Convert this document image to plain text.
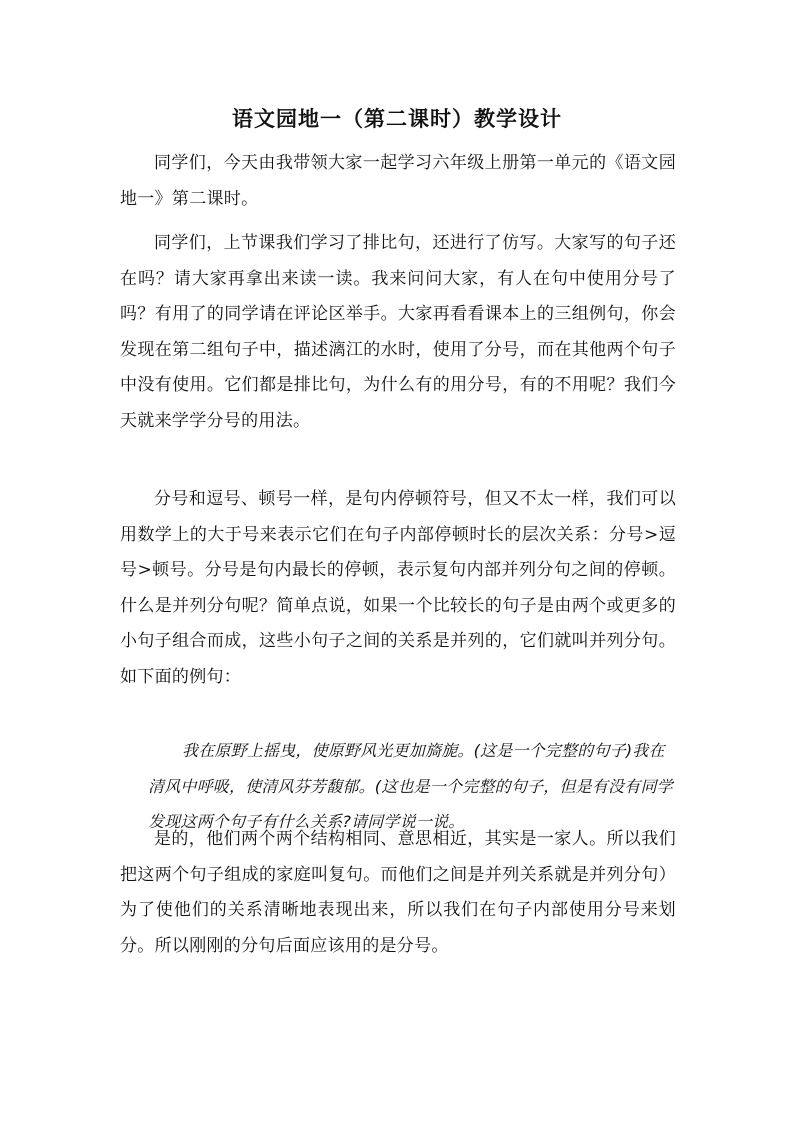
语文园地一（第二课时）教学设计

同学们，今天由我带领大家一起学习六年级上册第一单元的《语文园地一》第二课时。

同学们，上节课我们学习了排比句，还进行了仿写。大家写的句子还在吗？请大家再拿出来读一读。我来问问大家，有人在句中使用分号了吗？有用了的同学请在评论区举手。大家再看看课本上的三组例句，你会发现在第二组句子中，描述漓江的水时，使用了分号，而在其他两个句子中没有使用。它们都是排比句，为什么有的用分号，有的不用呢？我们今天就来学学分号的用法。

分号和逗号、顿号一样，是句内停顿符号，但又不太一样，我们可以用数学上的大于号来表示它们在句子内部停顿时长的层次关系：分号>逗号>顿号。分号是句内最长的停顿，表示复句内部并列分句之间的停顿。什么是并列分句呢？简单点说，如果一个比较长的句子是由两个或更多的小句子组合而成，这些小句子之间的关系是并列的，它们就叫并列分句。如下面的例句：

我在原野上摇曳，使原野风光更加旖旎。(这是一个完整的句子)我在清风中呼吸，使清风芬芳馥郁。(这也是一个完整的句子，但是有没有同学发现这两个句子有什么关系?请同学说一说。

是的，他们两个两个结构相同、意思相近，其实是一家人。所以我们把这两个句子组成的家庭叫复句。而他们之间是并列关系就是并列分句）为了使他们的关系清晰地表现出来，所以我们在句子内部使用分号来划分。所以刚刚的分句后面应该用的是分号。
